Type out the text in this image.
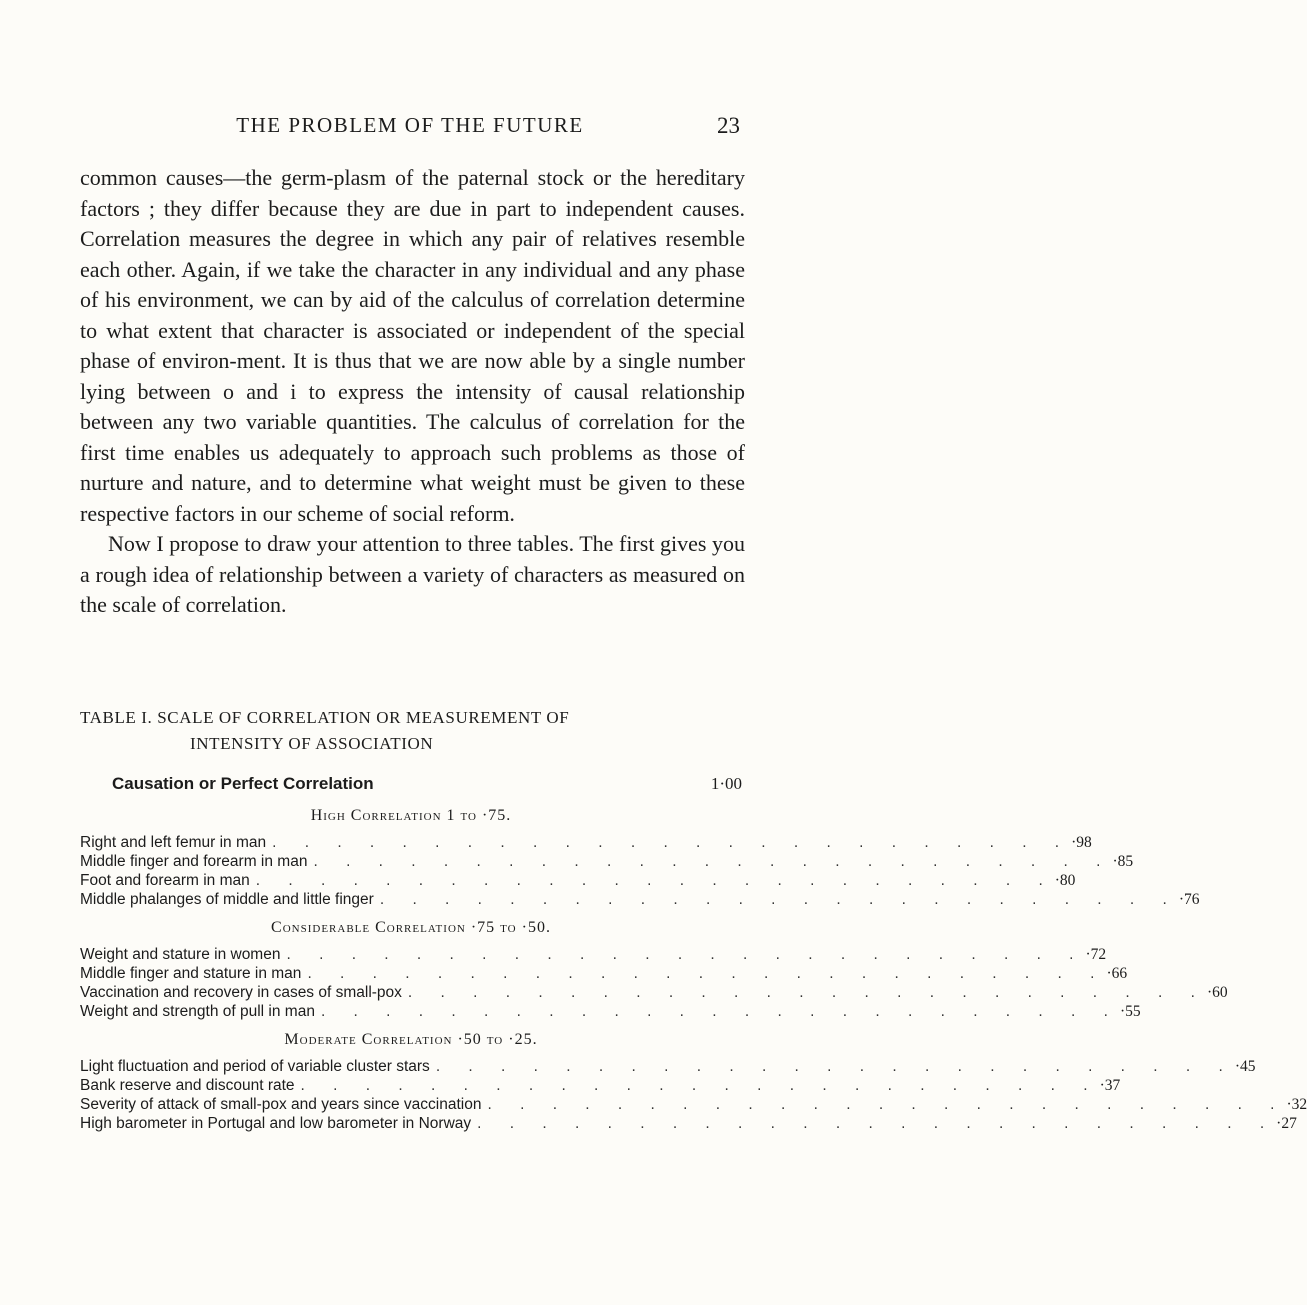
THE PROBLEM OF THE FUTURE	23

common causes—the germ-plasm of the paternal stock or the hereditary factors ; they differ because they are due in part to independent causes. Correlation measures the degree in which any pair of relatives resemble each other. Again, if we take the character in any individual and any phase of his environment, we can by aid of the calculus of correlation determine to what extent that character is associated or independent of the special phase of environ-ment. It is thus that we are now able by a single number lying between o and i to express the intensity of causal relationship between any two variable quantities. The calculus of correlation for the first time enables us adequately to approach such problems as those of nurture and nature, and to determine what weight must be given to these respective factors in our scheme of social reform.

Now I propose to draw your attention to three tables. The first gives you a rough idea of relationship between a variety of characters as measured on the scale of correlation.

TABLE I. SCALE OF CORRELATION OR MEASUREMENT OF
INTENSITY OF ASSOCIATION
Causation or Perfect Correlation	1·00
High Correlation 1 to ·75.
Right and left femur in man . . . . . . . . . . . . . . . . . . . . . . . . . ·98
Middle finger and forearm in man . . . . . . . . . . . . . . . . . . . . . . . . . ·85
Foot and forearm in man . . . . . . . . . . . . . . . . . . . . . . . . . ·80
Middle phalanges of middle and little finger . . . . . . . . . . . . . . . . . . . . . . . . . ·76
Considerable Correlation ·75 to ·50.
Weight and stature in women . . . . . . . . . . . . . . . . . . . . . . . . . ·72
Middle finger and stature in man . . . . . . . . . . . . . . . . . . . . . . . . . ·66
Vaccination and recovery in cases of small-pox . . . . . . . . . . . . . . . . . . . . . . . . . ·60
Weight and strength of pull in man . . . . . . . . . . . . . . . . . . . . . . . . . ·55
Moderate Correlation ·50 to ·25.
Light fluctuation and period of variable cluster stars . . . . . . . . . . . . . . . . . . . . . . . . . ·45
Bank reserve and discount rate . . . . . . . . . . . . . . . . . . . . . . . . . ·37
Severity of attack of small-pox and years since vaccination . . . . . . . . . . . . . . . . . . . . . . . . . ·32
High barometer in Portugal and low barometer in Norway . . . . . . . . . . . . . . . . . . . . . . . . . ·27
